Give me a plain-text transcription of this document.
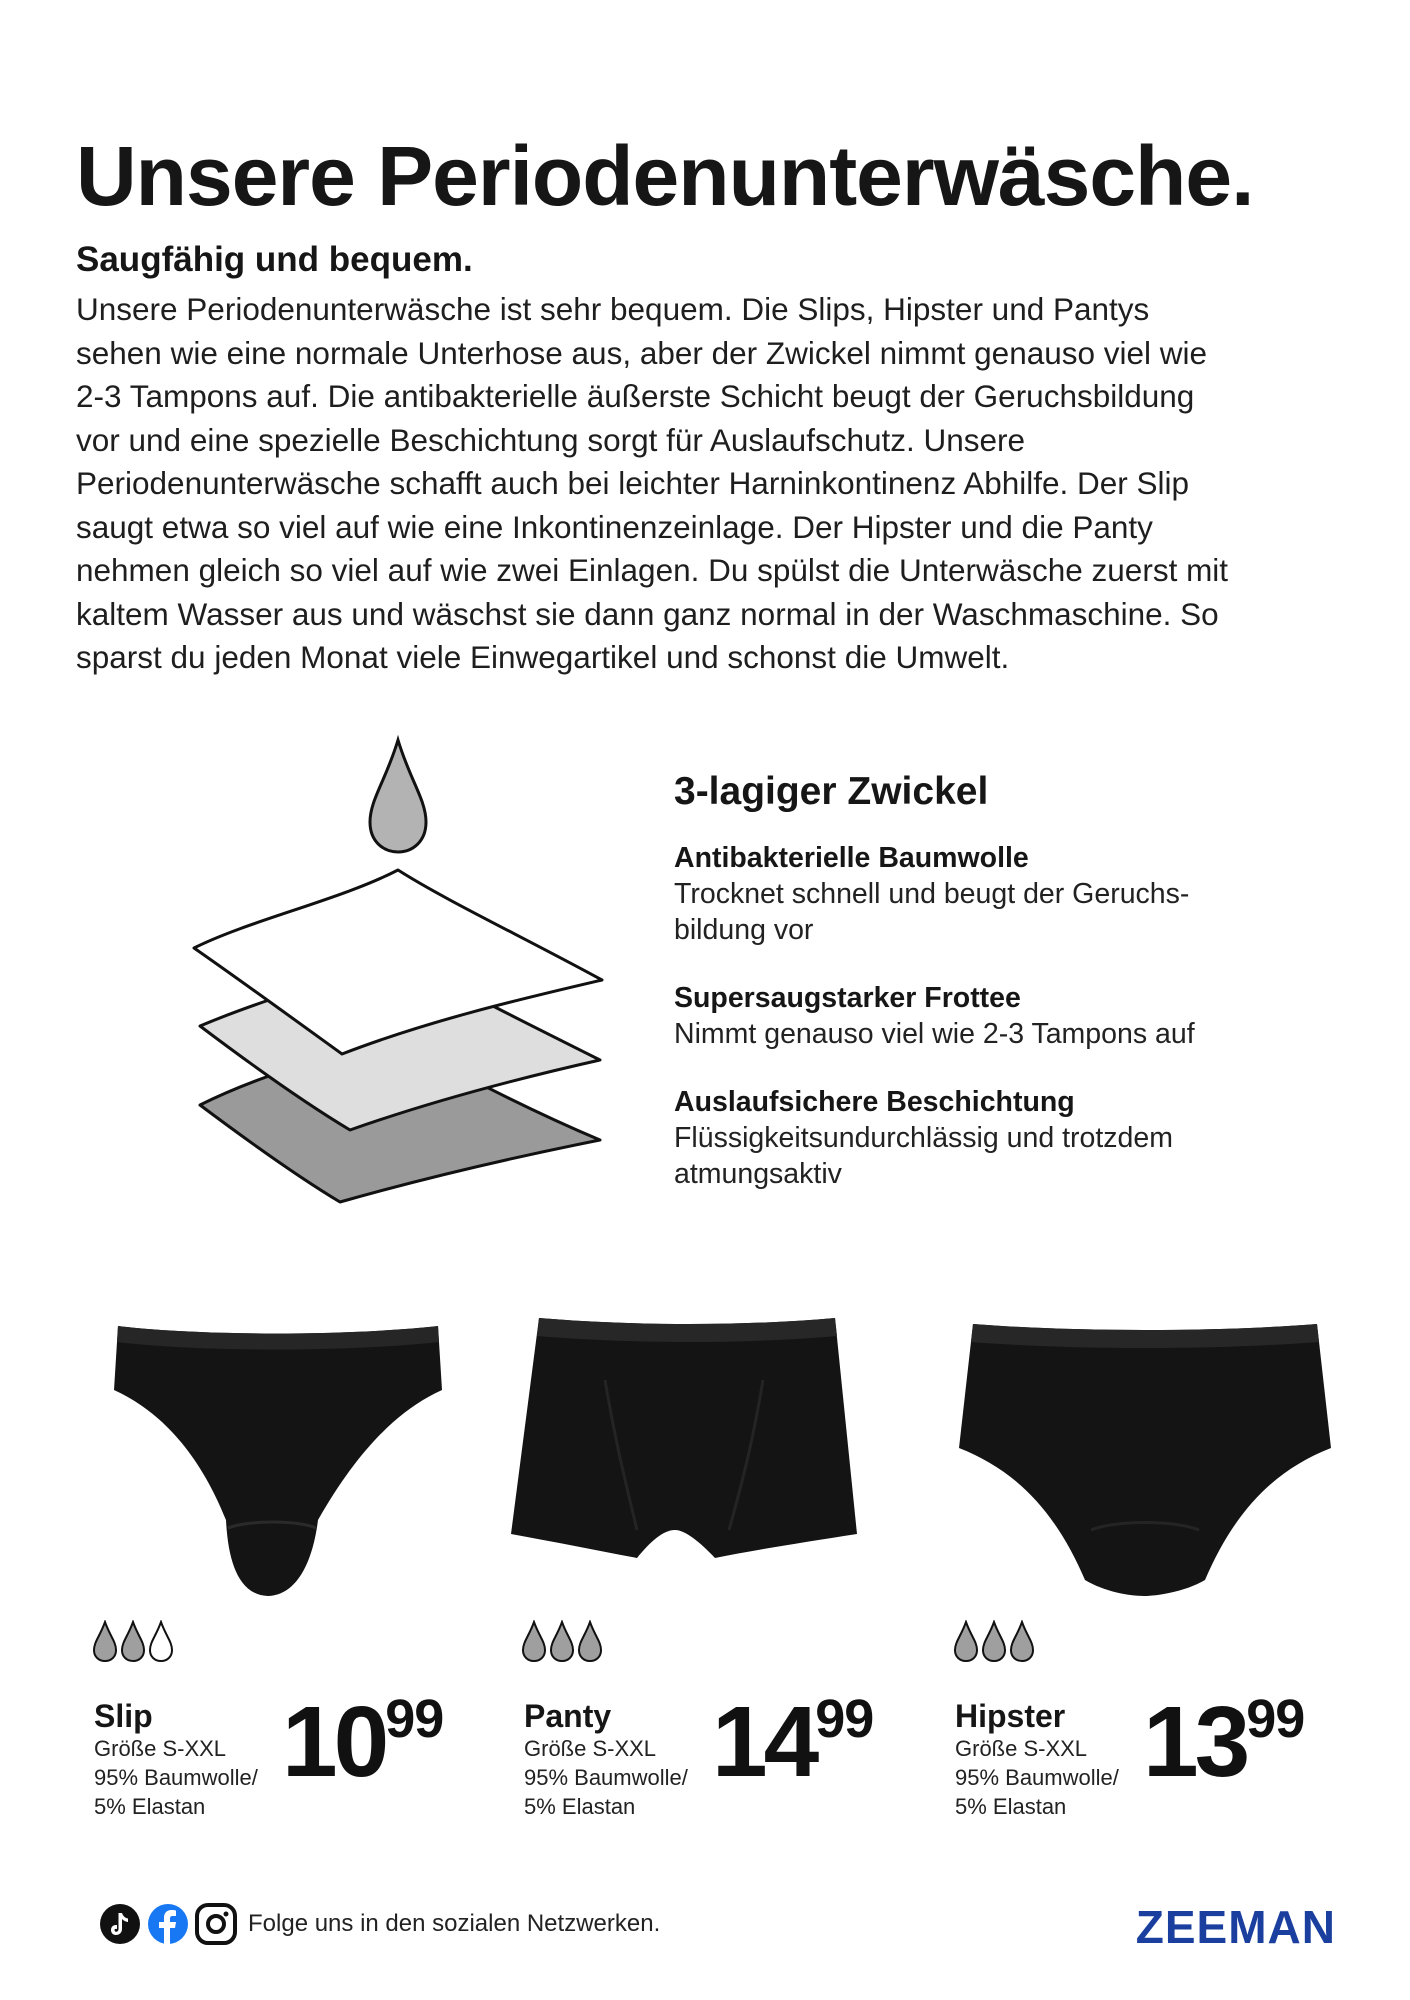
Unsere Periodenunterwäsche.
Saugfähig und bequem.
Unsere Periodenunterwäsche ist sehr bequem. Die Slips, Hipster und Pantys
sehen wie eine normale Unterhose aus, aber der Zwickel nimmt genauso viel wie
2-3 Tampons auf. Die antibakterielle äußerste Schicht beugt der Geruchsbildung
vor und eine spezielle Beschichtung sorgt für Auslaufschutz. Unsere
Periodenunterwäsche schafft auch bei leichter Harninkontinenz Abhilfe. Der Slip
saugt etwa so viel auf wie eine Inkontinenzeinlage. Der Hipster und die Panty
nehmen gleich so viel auf wie zwei Einlagen. Du spülst die Unterwäsche zuerst mit
kaltem Wasser aus und wäschst sie dann ganz normal in der Waschmaschine. So
sparst du jeden Monat viele Einwegartikel und schonst die Umwelt.
3-lagiger Zwickel
Antibakterielle Baumwolle
Trocknet schnell und beugt der Geruchs-
bildung vor
Supersaugstarker Frottee
Nimmt genauso viel wie 2-3 Tampons auf
Auslaufsichere Beschichtung
Flüssigkeitsundurchlässig und trotzdem
atmungsaktiv
Slip
Größe S-XXL
95% Baumwolle/
5% Elastan
1099	Panty
Größe S-XXL
95% Baumwolle/
5% Elastan
1499	Hipster
Größe S-XXL
95% Baumwolle/
5% Elastan
1399
Folge uns in den sozialen Netzwerken.	ZEEMAN
